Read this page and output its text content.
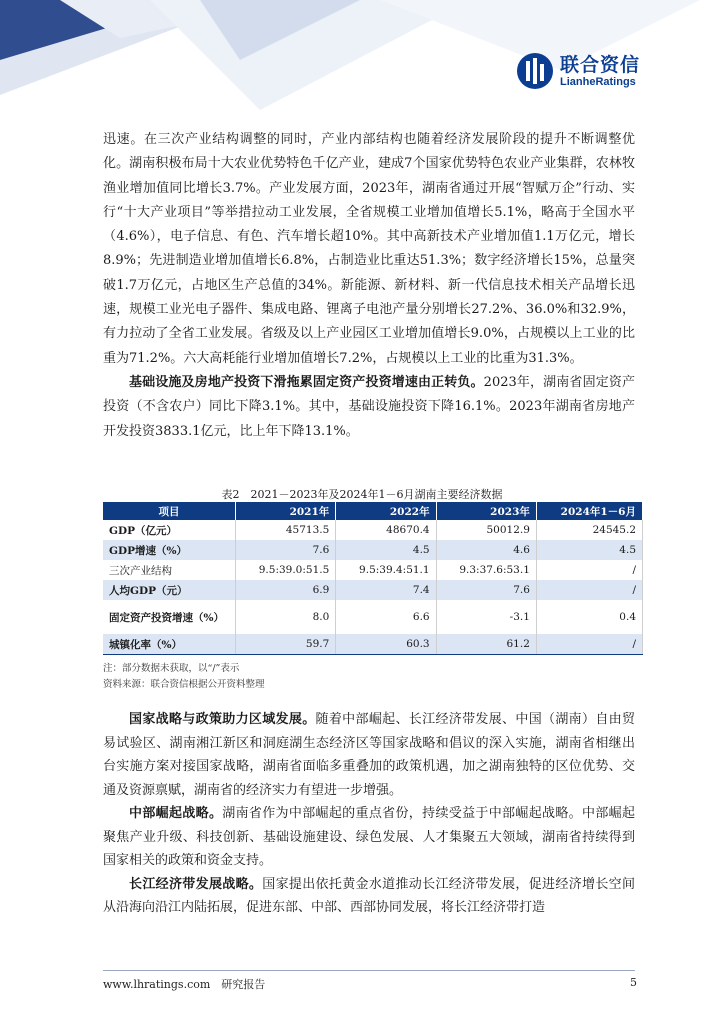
联合资信
LianheRatings

迅速。在三次产业结构调整的同时，产业内部结构也随着经济发展阶段的提升不断调整优化。湖南积极布局十大农业优势特色千亿产业，建成7个国家优势特色农业产业集群，农林牧渔业增加值同比增长3.7%。产业发展方面，2023年，湖南省通过开展“智赋万企”行动、实行“十大产业项目”等举措拉动工业发展，全省规模工业增加值增长5.1%，略高于全国水平（4.6%），电子信息、有色、汽车增长超10%。其中高新技术产业增加值1.1万亿元，增长8.9%；先进制造业增加值增长6.8%，占制造业比重达51.3%；数字经济增长15%，总量突破1.7万亿元，占地区生产总值的34%。新能源、新材料、新一代信息技术相关产品增长迅速，规模工业光电子器件、集成电路、锂离子电池产量分别增长27.2%、36.0%和32.9%，有力拉动了全省工业发展。省级及以上产业园区工业增加值增长9.0%，占规模以上工业的比重为71.2%。六大高耗能行业增加值增长7.2%，占规模以上工业的比重为31.3%。

基础设施及房地产投资下滑拖累固定资产投资增速由正转负。2023年，湖南省固定资产投资（不含农户）同比下降3.1%。其中，基础设施投资下降16.1%。2023年湖南省房地产开发投资3833.1亿元，比上年下降13.1%。

表2　2021－2023年及2024年1－6月湖南主要经济数据
项目	2021年	2022年	2023年	2024年1－6月
GDP（亿元）	45713.5	48670.4	50012.9	24545.2
GDP增速（%）	7.6	4.5	4.6	4.5
三次产业结构	9.5:39.0:51.5	9.5:39.4:51.1	9.3:37.6:53.1	/
人均GDP（元）	6.9	7.4	7.6	/
固定资产投资增速（%）	8.0	6.6	-3.1	0.4
城镇化率（%）	59.7	60.3	61.2	/
注：部分数据未获取，以“/”表示
资料来源：联合资信根据公开资料整理

国家战略与政策助力区域发展。随着中部崛起、长江经济带发展、中国（湖南）自由贸易试验区、湖南湘江新区和洞庭湖生态经济区等国家战略和倡议的深入实施，湖南省相继出台实施方案对接国家战略，湖南省面临多重叠加的政策机遇，加之湖南独特的区位优势、交通及资源禀赋，湖南省的经济实力有望进一步增强。

中部崛起战略。湖南省作为中部崛起的重点省份，持续受益于中部崛起战略。中部崛起聚焦产业升级、科技创新、基础设施建设、绿色发展、人才集聚五大领域，湖南省持续得到国家相关的政策和资金支持。

长江经济带发展战略。国家提出依托黄金水道推动长江经济带发展，促进经济增长空间从沿海向沿江内陆拓展，促进东部、中部、西部协同发展，将长江经济带打造

www.lhratings.com　研究报告	5
